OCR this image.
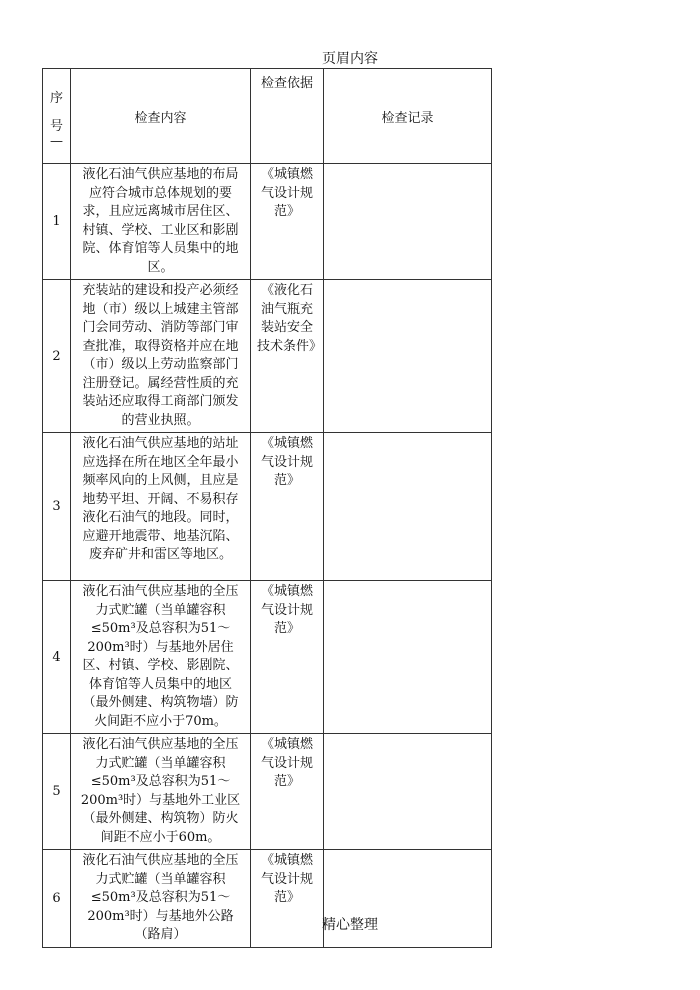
页眉内容
序
号
—	检查内容	检查依据	检查记录
1	液化石油气供应基地的布局应符合城市总体规划的要求，且应远离城市居住区、村镇、学校、工业区和影剧院、体育馆等人员集中的地区。	《城镇燃气设计规范》	
2	充装站的建设和投产必须经地（市）级以上城建主管部门会同劳动、消防等部门审查批准，取得资格并应在地（市）级以上劳动监察部门注册登记。属经营性质的充装站还应取得工商部门颁发的营业执照。	《液化石油气瓶充装站安全技术条件》	
3	液化石油气供应基地的站址应选择在所在地区全年最小频率风向的上风侧，且应是地势平坦、开阔、不易积存液化石油气的地段。同时，应避开地震带、地基沉陷、废弃矿井和雷区等地区。	《城镇燃气设计规范》	
4	液化石油气供应基地的全压力式贮罐（当单罐容积≤50m³及总容积为51～200m³时）与基地外居住区、村镇、学校、影剧院、体育馆等人员集中的地区（最外侧建、构筑物墙）防火间距不应小于70m。	《城镇燃气设计规范》	
5	液化石油气供应基地的全压力式贮罐（当单罐容积≤50m³及总容积为51～200m³时）与基地外工业区（最外侧建、构筑物）防火间距不应小于60m。	《城镇燃气设计规范》	
6	液化石油气供应基地的全压力式贮罐（当单罐容积≤50m³及总容积为51～200m³时）与基地外公路（路肩）	《城镇燃气设计规范》	
精心整理
